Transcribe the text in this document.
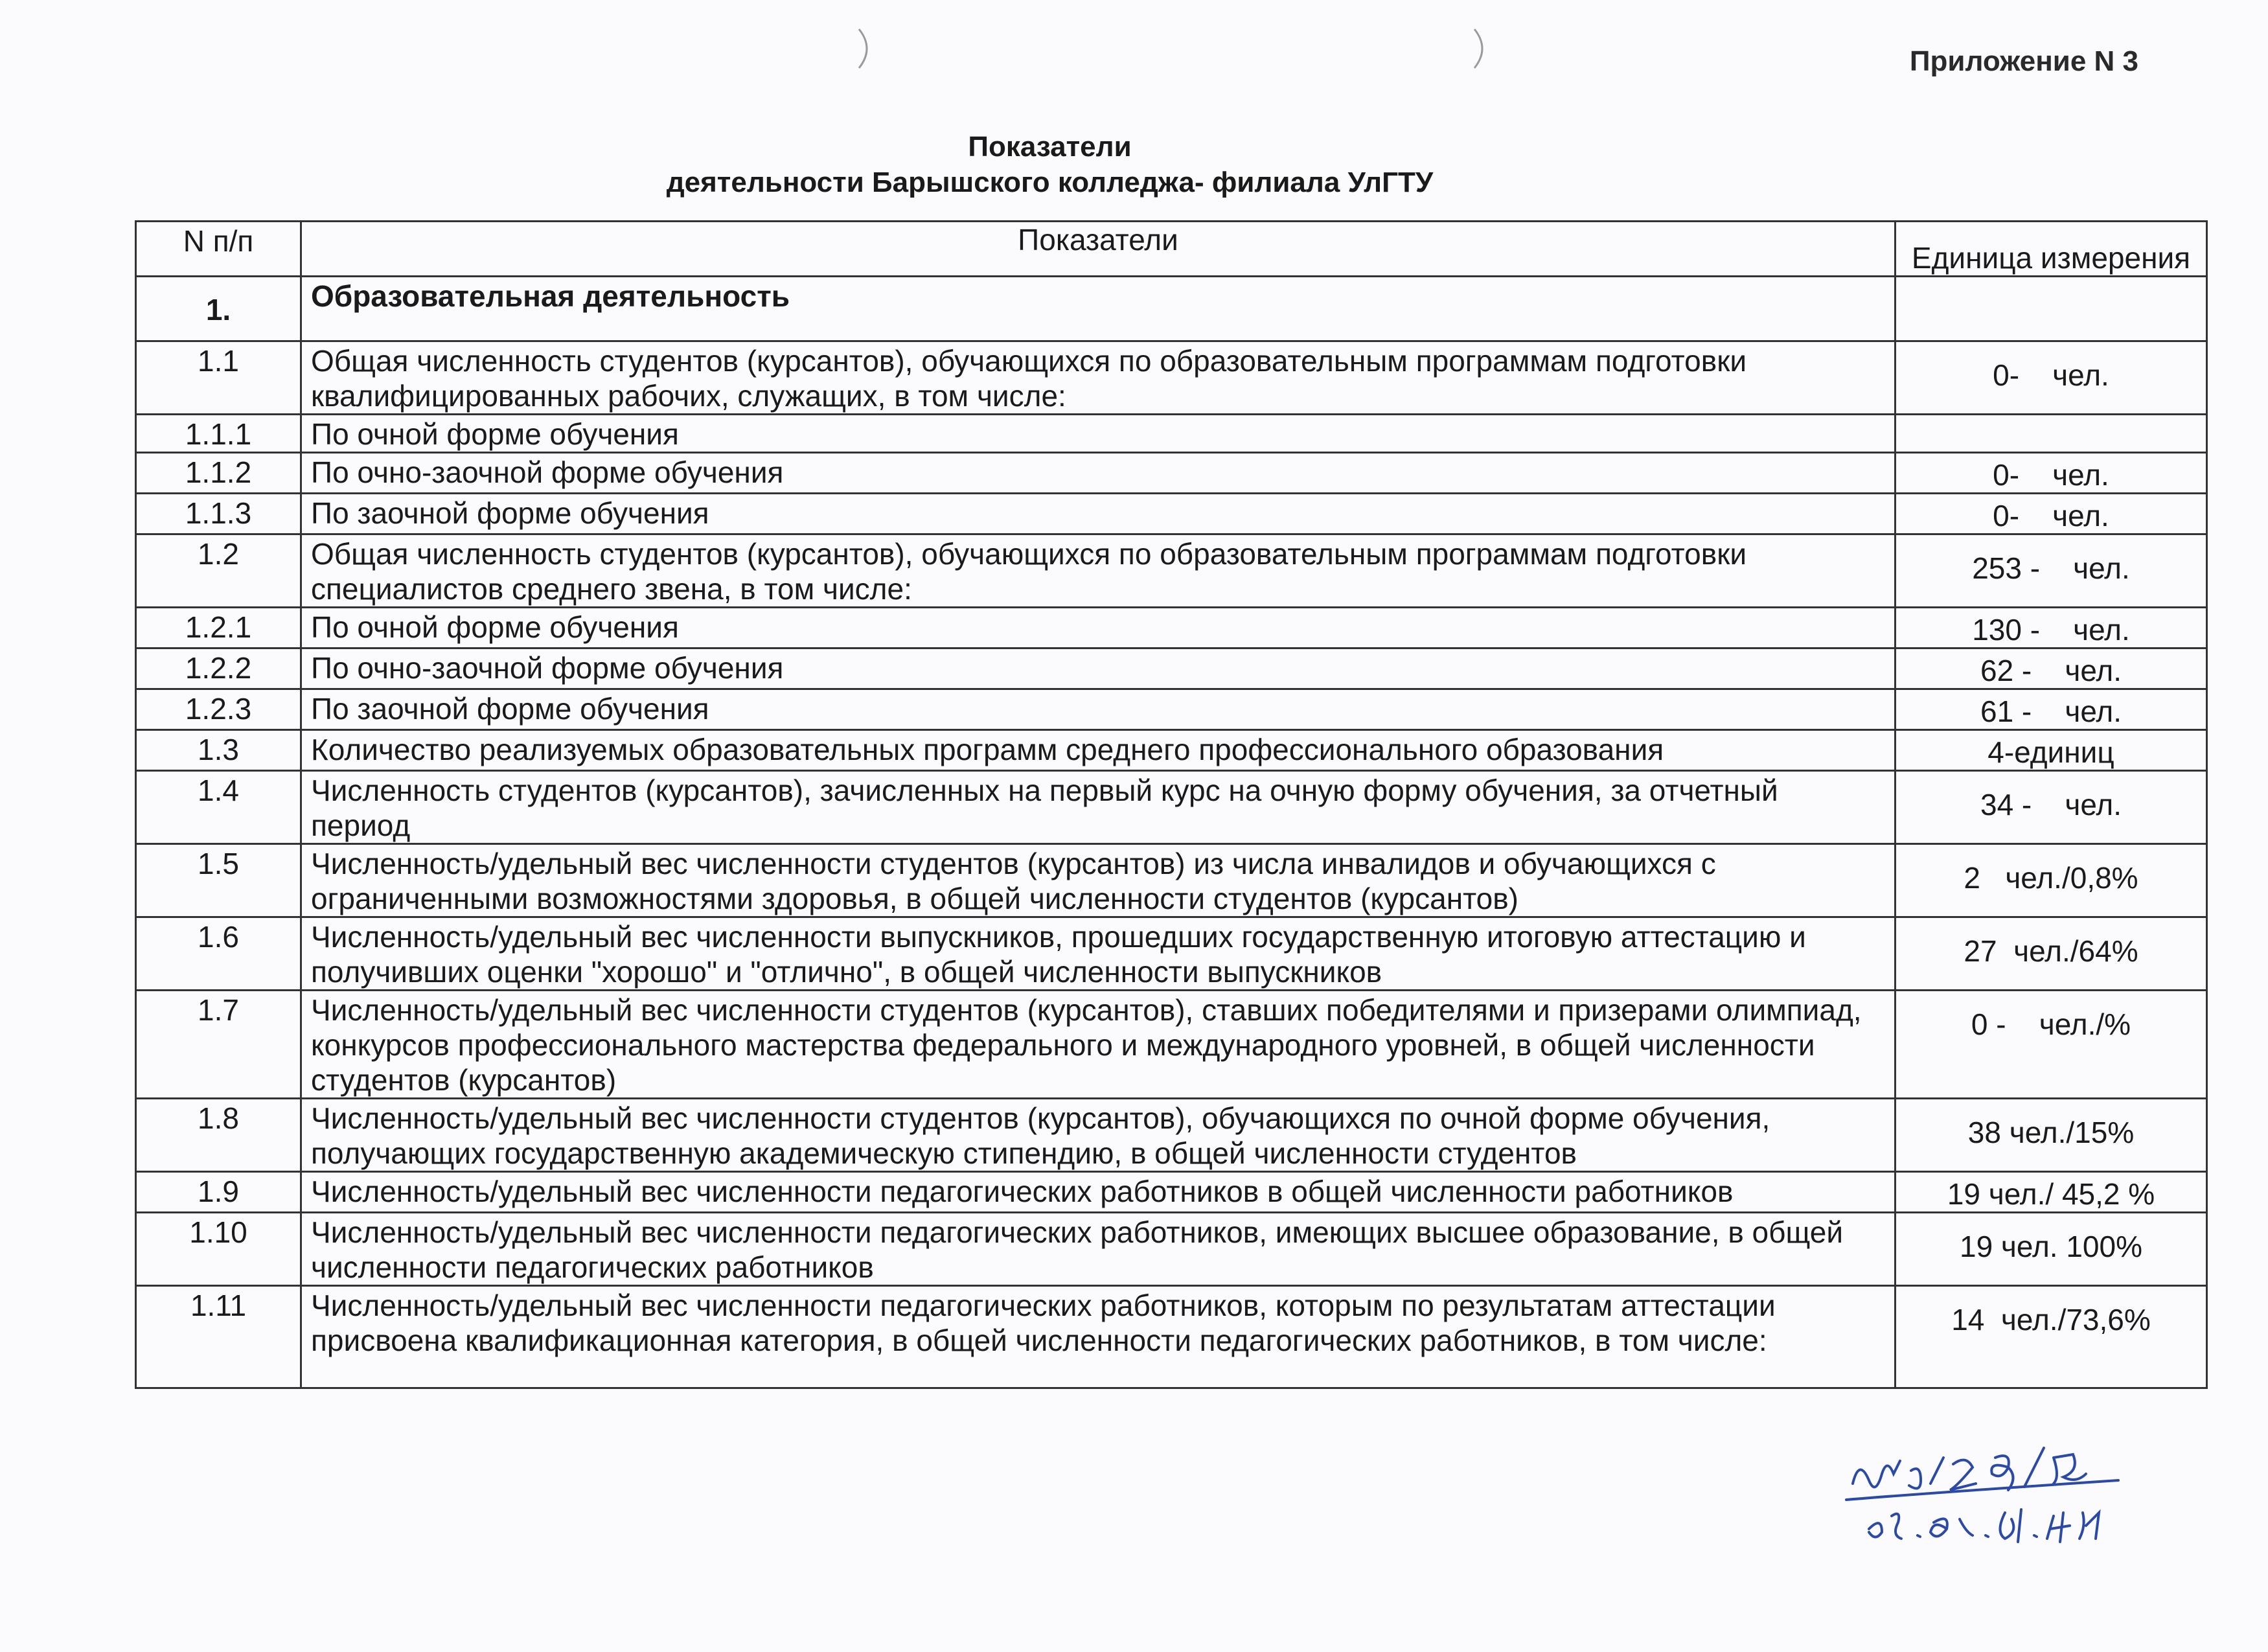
Приложение N 3
Показатели
деятельности Барышского колледжа- филиала УлГТУ
N п/п	Показатели	Единица измерения

1.	Образовательная деятельность	
1.1	Общая численность студентов (курсантов), обучающихся по образовательным программам подготовки квалифицированных рабочих, служащих, в том числе:	0-    чел.
1.1.1	По очной форме обучения	
1.1.2	По очно-заочной форме обучения	0-    чел.
1.1.3	По заочной форме обучения	0-    чел.
1.2	Общая численность студентов (курсантов), обучающихся по образовательным программам подготовки специалистов среднего звена, в том числе:	253 -    чел.
1.2.1	По очной форме обучения	130 -    чел.
1.2.2	По очно-заочной форме обучения	62 -    чел.
1.2.3	По заочной форме обучения	61 -    чел.
1.3	Количество реализуемых образовательных программ среднего профессионального образования	4-единиц
1.4	Численность студентов (курсантов), зачисленных на первый курс на очную форму обучения, за отчетный период	34 -    чел.
1.5	Численность/удельный вес численности студентов (курсантов) из числа инвалидов и обучающихся с ограниченными возможностями здоровья, в общей численности студентов (курсантов)	2   чел./0,8%
1.6	Численность/удельный вес численности выпускников, прошедших государственную итоговую аттестацию и получивших оценки "хорошо" и "отлично", в общей численности выпускников	27  чел./64%
1.7	Численность/удельный вес численности студентов (курсантов), ставших победителями и призерами олимпиад, конкурсов профессионального мастерства федерального и международного уровней, в общей численности студентов (курсантов)	0 -    чел./%
1.8	Численность/удельный вес численности студентов (курсантов), обучающихся по очной форме обучения, получающих государственную академическую стипендию, в общей численности студентов	38 чел./15%
1.9	Численность/удельный вес численности педагогических работников в общей численности работников	19 чел./ 45,2 %
1.10	Численность/удельный вес численности педагогических работников, имеющих высшее образование, в общей численности педагогических работников	19 чел. 100%
1.11	Численность/удельный вес численности педагогических работников, которым по результатам аттестации присвоена квалификационная категория, в общей численности педагогических работников, в том числе:	14  чел./73,6%
